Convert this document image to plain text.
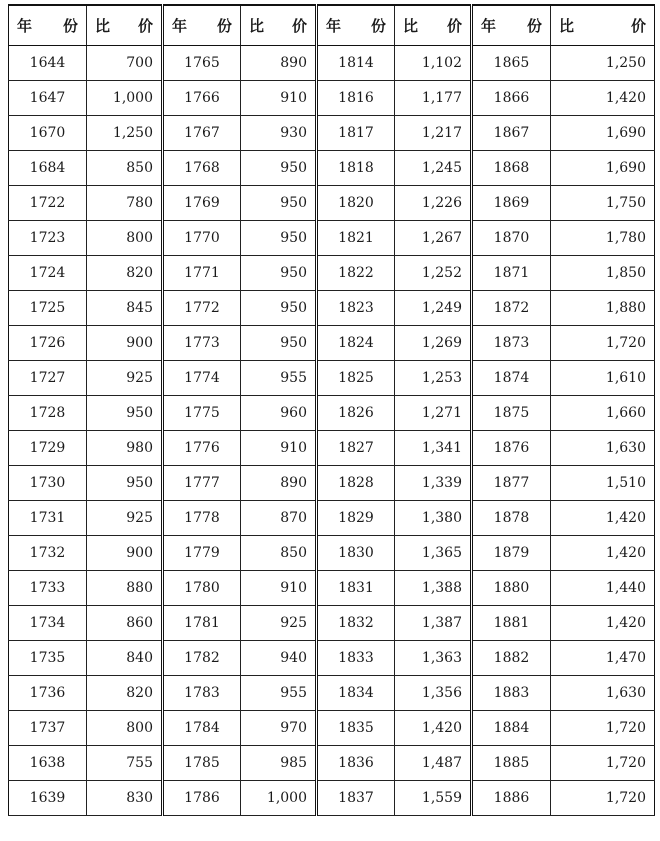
年 份	比 价	年 份	比 价	年 份	比 价	年 份	比 价

1644	700	1765	890	1814	1,102	1865	1,250
1647	1,000	1766	910	1816	1,177	1866	1,420
1670	1,250	1767	930	1817	1,217	1867	1,690
1684	850	1768	950	1818	1,245	1868	1,690
1722	780	1769	950	1820	1,226	1869	1,750
1723	800	1770	950	1821	1,267	1870	1,780
1724	820	1771	950	1822	1,252	1871	1,850
1725	845	1772	950	1823	1,249	1872	1,880
1726	900	1773	950	1824	1,269	1873	1,720
1727	925	1774	955	1825	1,253	1874	1,610
1728	950	1775	960	1826	1,271	1875	1,660
1729	980	1776	910	1827	1,341	1876	1,630
1730	950	1777	890	1828	1,339	1877	1,510
1731	925	1778	870	1829	1,380	1878	1,420
1732	900	1779	850	1830	1,365	1879	1,420
1733	880	1780	910	1831	1,388	1880	1,440
1734	860	1781	925	1832	1,387	1881	1,420
1735	840	1782	940	1833	1,363	1882	1,470
1736	820	1783	955	1834	1,356	1883	1,630
1737	800	1784	970	1835	1,420	1884	1,720
1638	755	1785	985	1836	1,487	1885	1,720
1639	830	1786	1,000	1837	1,559	1886	1,720
